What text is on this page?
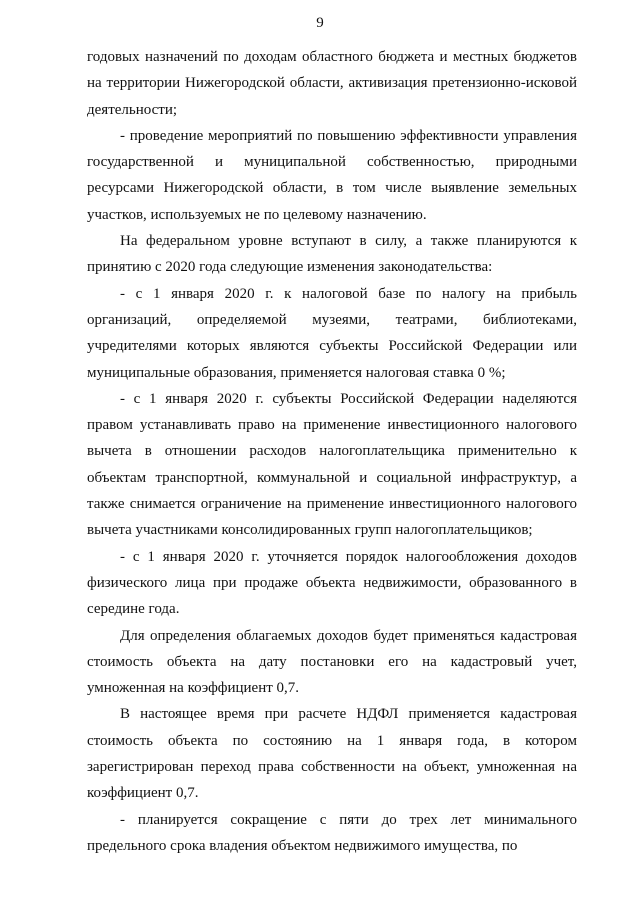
9

годовых назначений по доходам областного бюджета и местных бюджетов на территории Нижегородской области, активизация претензионно-исковой деятельности;

- проведение мероприятий по повышению эффективности управления государственной и муниципальной собственностью, природными ресурсами Нижегородской области, в том числе выявление земельных участков, используемых не по целевому назначению.

На федеральном уровне вступают в силу, а также планируются к принятию с 2020 года следующие изменения законодательства:

- с 1 января 2020 г. к налоговой базе по налогу на прибыль организаций, определяемой музеями, театрами, библиотеками, учредителями которых являются субъекты Российской Федерации или муниципальные образования, применяется налоговая ставка 0 %;

- с 1 января 2020 г. субъекты Российской Федерации наделяются правом устанавливать право на применение инвестиционного налогового вычета в отношении расходов налогоплательщика применительно к объектам транспортной, коммунальной и социальной инфраструктур, а также снимается ограничение на применение инвестиционного налогового вычета участниками консолидированных групп налогоплательщиков;

- с 1 января 2020 г. уточняется порядок налогообложения доходов физического лица при продаже объекта недвижимости, образованного в середине года.

Для определения облагаемых доходов будет применяться кадастровая стоимость объекта на дату постановки его на кадастровый учет, умноженная на коэффициент 0,7.

В настоящее время при расчете НДФЛ применяется кадастровая стоимость объекта по состоянию на 1 января года, в котором зарегистрирован переход права собственности на объект, умноженная на коэффициент 0,7.

- планируется сокращение с пяти до трех лет минимального предельного срока владения объектом недвижимого имущества, по
